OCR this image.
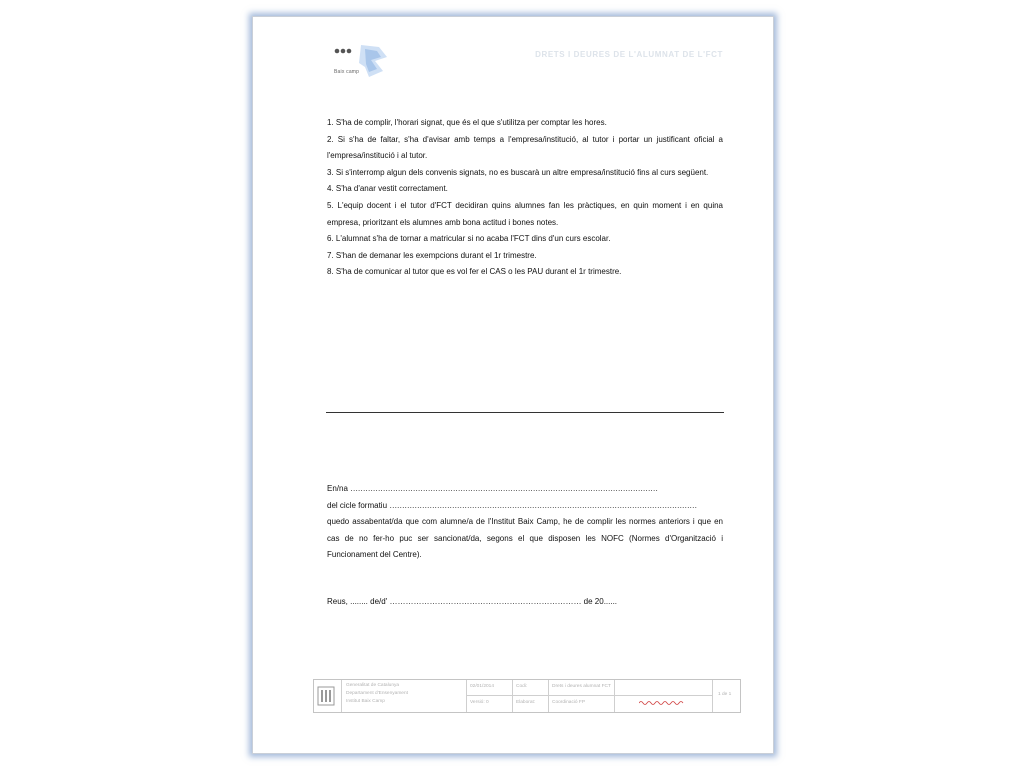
Baix camp
DRETS I DEURES DE L'ALUMNAT DE L'FCT

1. S'ha de complir, l'horari signat, que és el que s'utilitza per comptar les hores.

2. Si s'ha de faltar, s'ha d'avisar amb temps a l'empresa/institució, al tutor i portar un justificant oficial a l'empresa/institució i al tutor.

3. Si s'interromp algun dels convenis signats, no es buscarà un altre empresa/institució fins al curs següent.

4. S'ha d'anar vestit correctament.

5. L'equip docent i el tutor d'FCT decidiran quins alumnes fan les pràctiques, en quin moment i en quina empresa, prioritzant els alumnes amb bona actitud i bones notes.

6. L'alumnat s'ha de tornar a matricular si no acaba l'FCT dins d'un curs escolar.

7. S'han de demanar les exempcions durant el 1r trimestre.

8. S'ha de comunicar al tutor que es vol fer el CAS o les PAU durant el 1r trimestre.

En/na ……………………………………………………………………………………………………………

del cicle formatiu ……………………………………………………………………………………………………………

quedo assabentat/da que com alumne/a de l'Institut Baix Camp, he de complir les normes anteriors i que en cas de no fer-ho puc ser sancionat/da, segons el que disposen les NOFC (Normes d'Organització i Funcionament del Centre).

Reus, ........ de/d' ……………………………………………………………… de 20......
Generalitat de Catalunya
Departament d'Ensenyament
Institut Baix Camp
02/01/2014
Versió: 0
Codi:
Elaborat:
Drets i deures alumnat FCT
Coordinació FP
1 de 1
